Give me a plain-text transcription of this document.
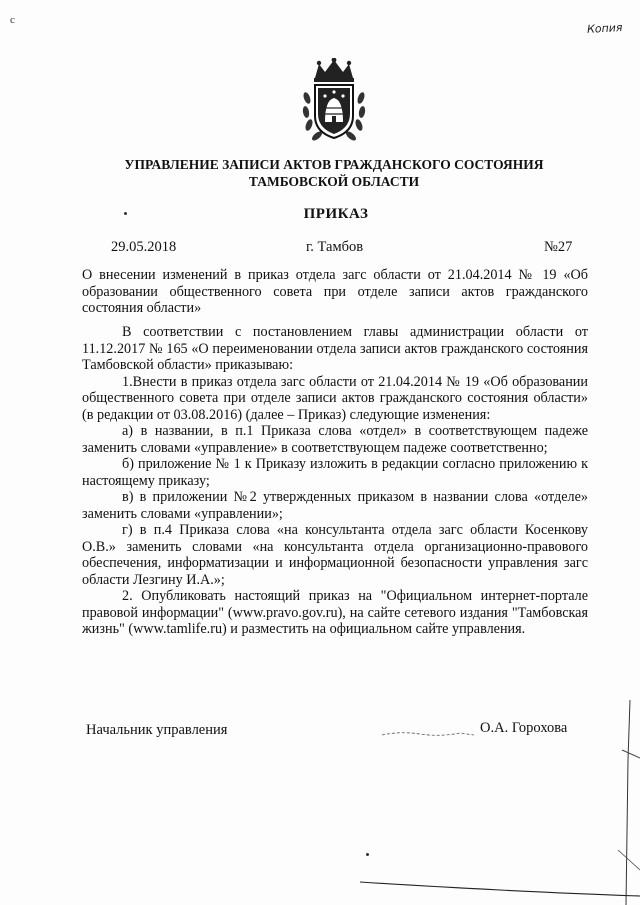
с
Копия
УПРАВЛЕНИЕ ЗАПИСИ АКТОВ ГРАЖДАНСКОГО СОСТОЯНИЯ
ТАМБОВСКОЙ ОБЛАСТИ
ПРИКАЗ
29.05.2018	г. Тамбов	№27
О внесении изменений в приказ отдела загс области от 21.04.2014 № 19 «Об образовании общественного совета при отделе записи актов гражданского состояния области»

В соответствии с постановлением главы администрации области от 11.12.2017 № 165 «О переименовании отдела записи актов гражданского состояния Тамбовской области» приказываю:

1.Внести в приказ отдела загс области от 21.04.2014 № 19 «Об образовании общественного совета при отделе записи актов гражданского состояния области» (в редакции от 03.08.2016) (далее – Приказ) следующие изменения:

а) в названии, в п.1 Приказа слова «отдел» в соответствующем падеже заменить словами «управление» в соответствующем падеже соответственно;

б) приложение № 1 к Приказу изложить в редакции согласно приложению к настоящему приказу;

в) в приложении №2 утвержденных приказом в названии слова «отделе» заменить словами «управлении»;

г) в п.4 Приказа слова «на консультанта отдела загс области Косенкову О.В.» заменить словами «на консультанта отдела организационно-правового обеспечения, информатизации и информационной безопасности управления загс области Лезгину И.А.»;

2. Опубликовать настоящий приказ на "Официальном интернет-портале правовой информации" (www.pravo.gov.ru), на сайте сетевого издания "Тамбовская жизнь" (www.tamlife.ru) и разместить на официальном сайте управления.

Начальник управления	О.А. Горохова
